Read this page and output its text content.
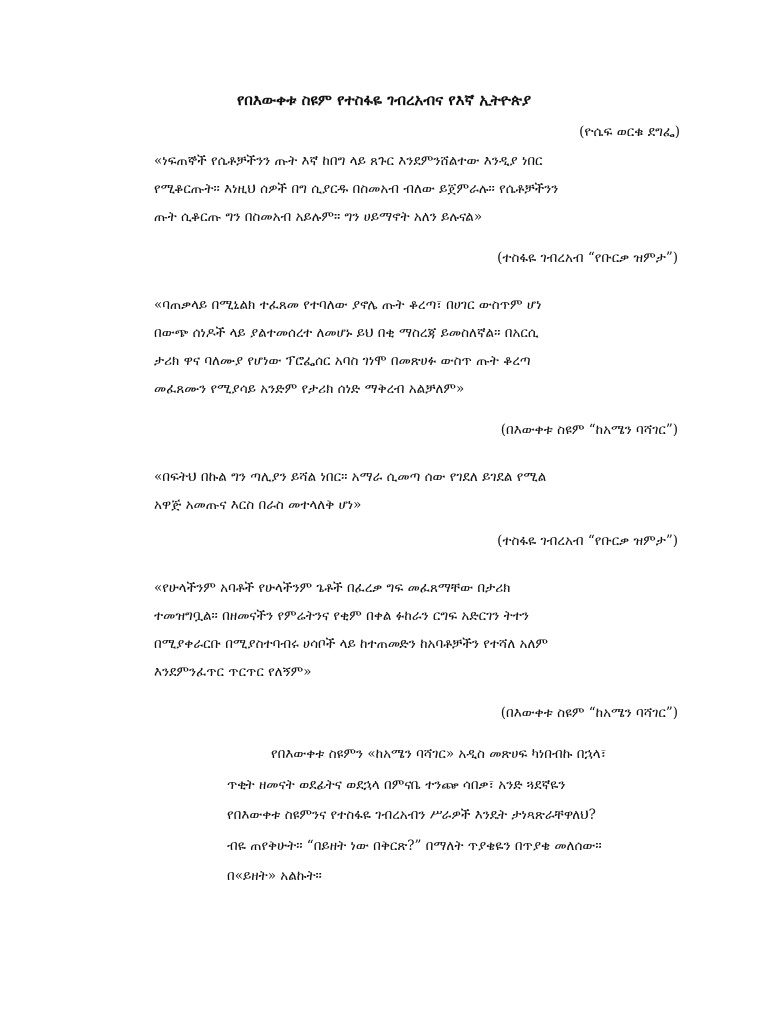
የበእውቀቱ ስዩም የተስፋዬ ገብረአብና የእኛ ኢትዮጵያ
(ዮሴፍ ወርቁ ደግፌ)

«ነፍጠኞች የሴቶቻችንን ጡት እኛ ከበግ ላይ ጸጉር እንደምንሸልተው እንዲያ ነበር
የሚቆርጡት። እነዚህ ሰዎች በግ ሲያርዱ በስመአብ ብለው ይጀምራሉ። የሴቶቻችንን
ጡት ሲቆርጡ ግን በስመአብ አይሉም። ግን ሀይማኖት አለን ይሉናል»

(ተስፋዬ ገብረአብ “የቡርቃ ዝምታ”)

«ባጠቃላይ በሚኒልክ ተፈጸመ የተባለው ያኖሌ ጡት ቆረጣ፣ በሀገር ውስጥም ሆነ
በውጭ ሰነዶች ላይ ያልተመሰረተ ለመሆኑ ይህ በቂ ማስረጃ ይመስለኛል። በአርሲ
ታሪክ ዋና ባለሙያ የሆነው ፕሮፌሰር አባስ ገነሞ በመጽሀፉ ውስጥ ጡት ቆረጣ
መፈጸሙን የሚያሳይ አንድም የታሪክ ሰነድ ማቅረብ አልቻለም»

(በእውቀቱ ስዩም “ከአሜን ባሻገር”)

«በፍትህ በኩል ግን ጣሊያን ይሻል ነበር። አማራ ሲመጣ ሰው የገደለ ይገደል የሚል
አዋጅ አመጡና እርስ በራስ መተላለቅ ሆነ»

(ተስፋዬ ገብረአብ “የቡርቃ ዝምታ”)

«የሁላችንም አባቶች የሁላችንም ጌቶች በፈረቃ ግፍ መፈጸማቸው በታሪክ
ተመዝግቧል። በዘመናችን የምሬትንና የቂም በቀል ፉከራን ርግፍ አድርገን ትተን
በሚያቀራርቡ በሚያስተባብሩ ሀሳቦች ላይ ከተጠመድን ከአባቶቻችን የተሻለ አለም
እንደምንፈጥር ጥርጥር የለኝም»

(በእውቀቱ ስዩም “ከአሜን ባሻገር”)

የበእውቀቱ ስዩምን «ከአሜን ባሻገር» አዲስ መጽሀፍ ካነበብኩ በኋላ፣
ጥቂት ዘመናት ወደፊትና ወደኋላ በምናቤ ተንጬ ሳበቃ፣ አንድ ጓደኛዬን
የበእውቀቱ ስዩምንና የተስፋዬ ገብረአብን ሥራዎች እንዴት ታነጻጽራቸዋለህ?
ብዬ ጠየቅሁት። “በይዘት ነው በቅርጽ?” በማለት ጥያቄዬን በጥያቄ መለሰው።
በ«ይዘት» አልኩት።
